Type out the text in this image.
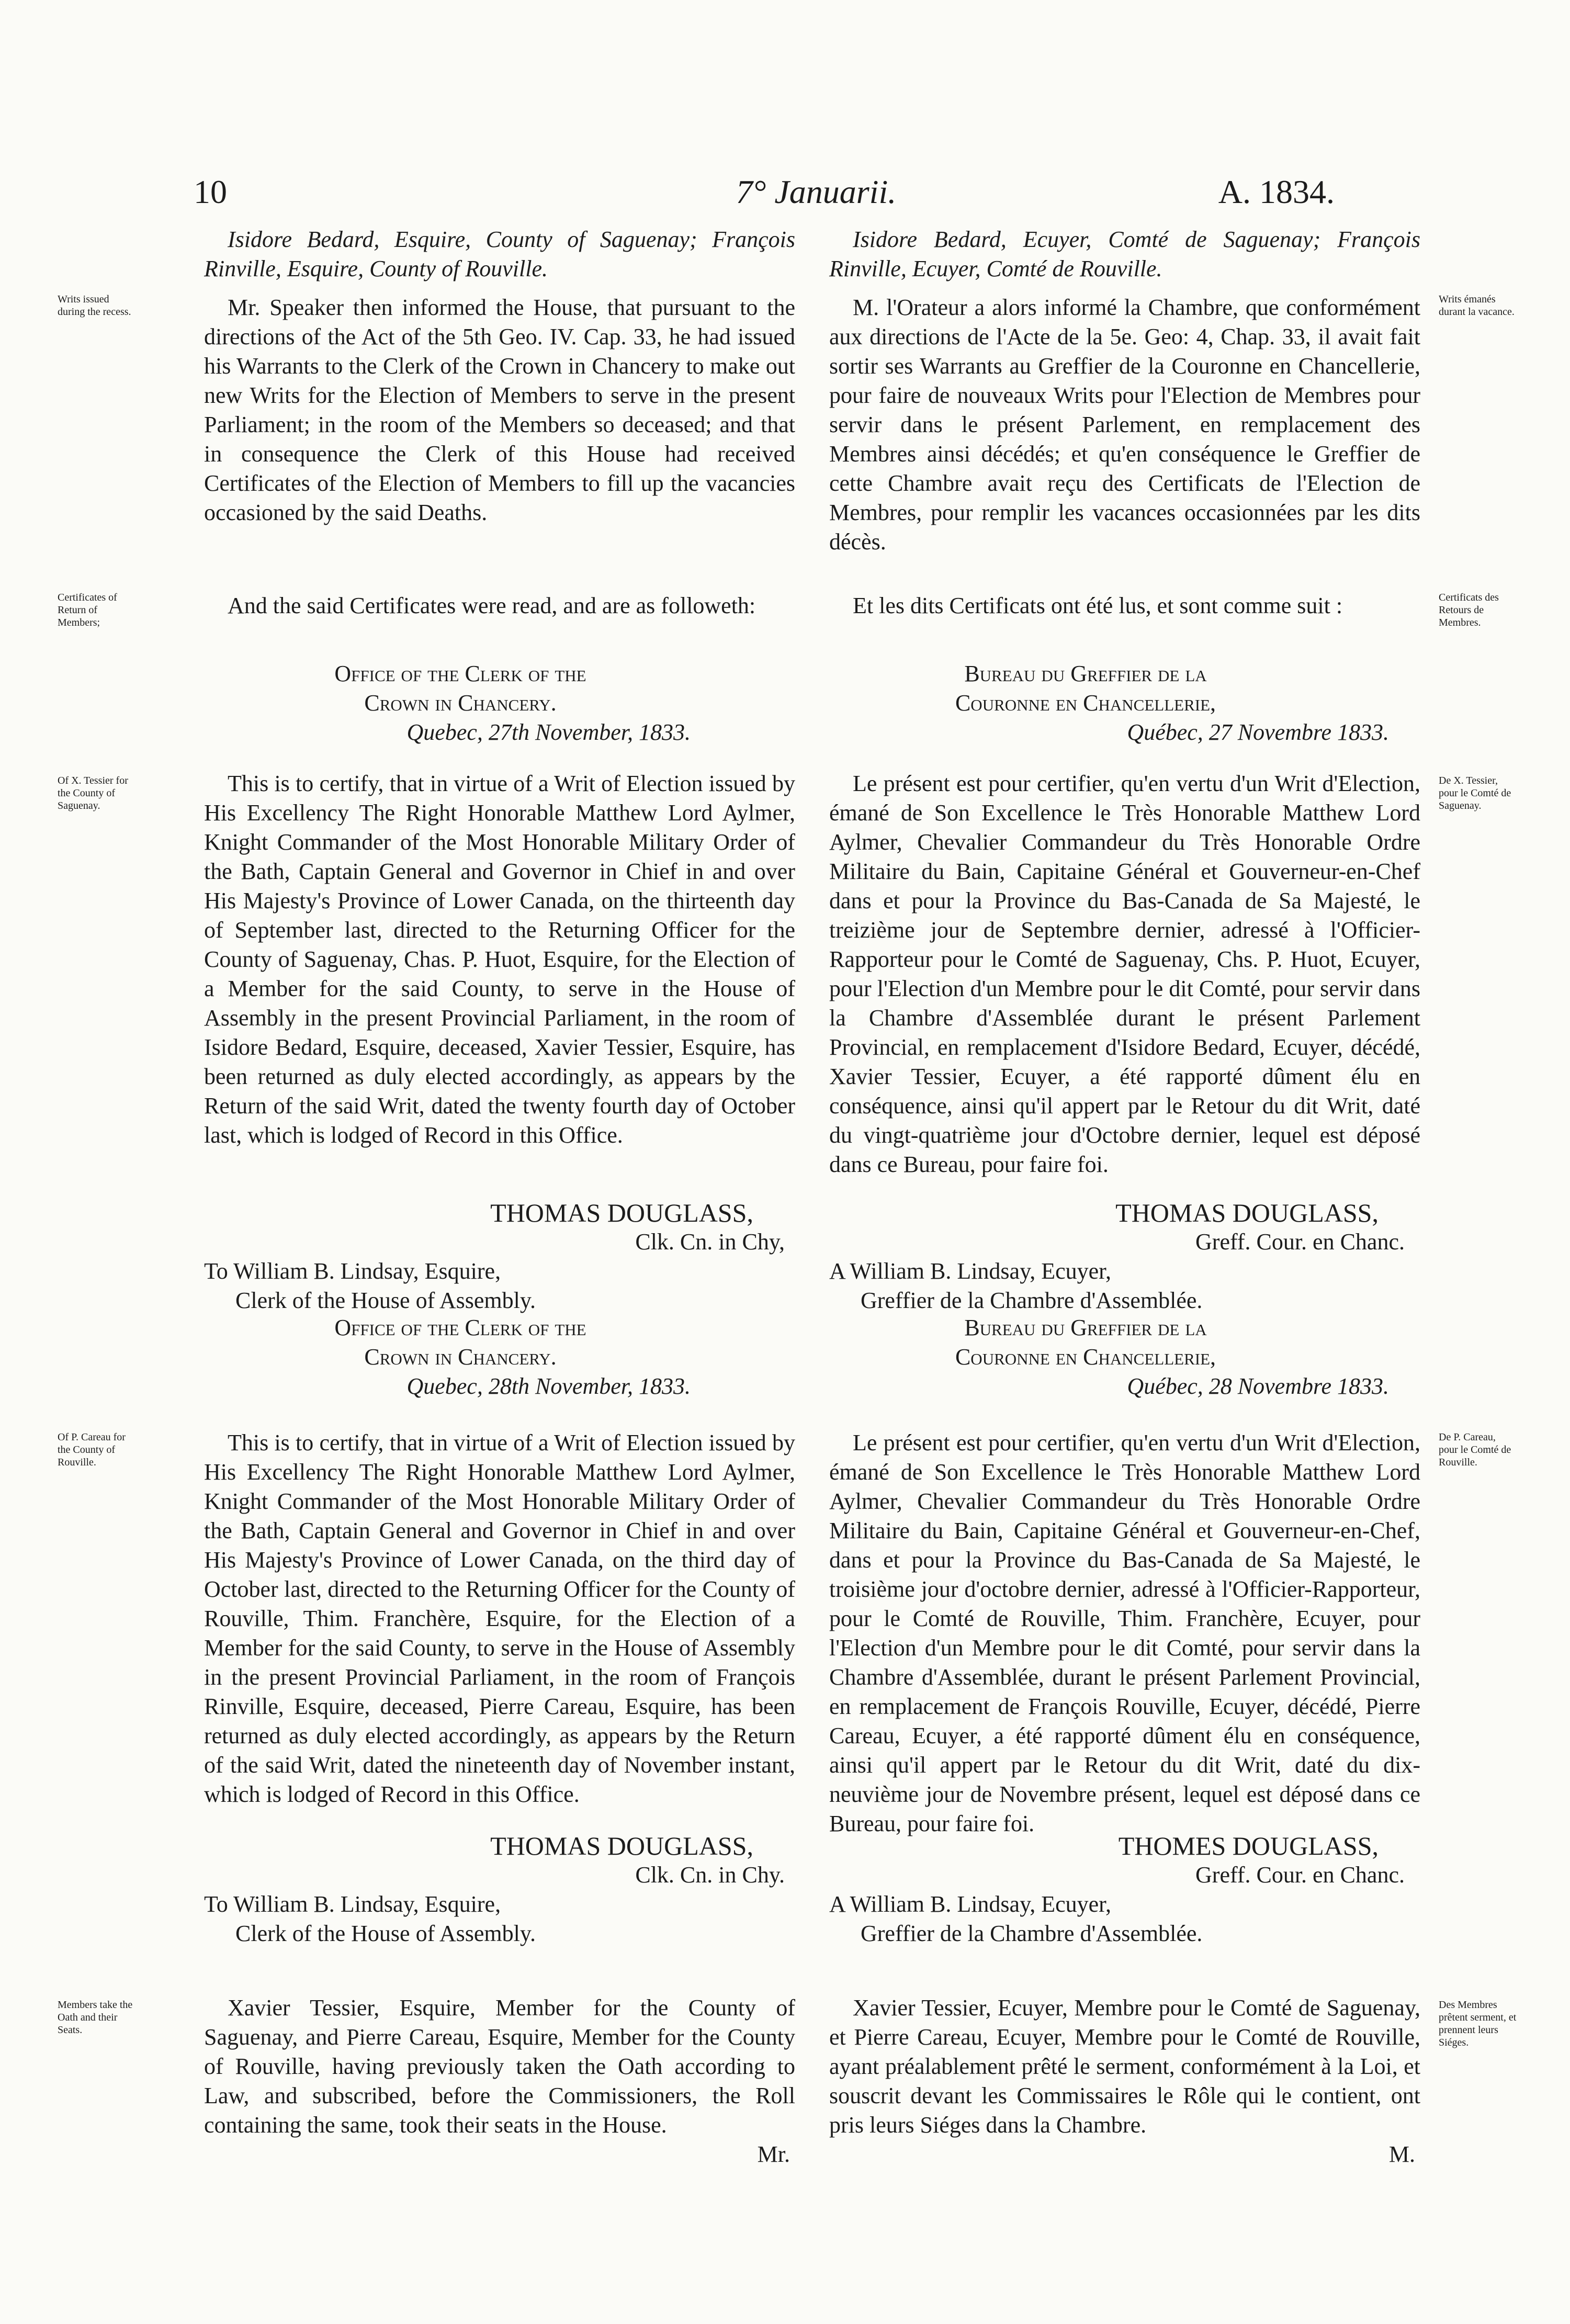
10	7° Januarii.	A. 1834.
Writs issued during the recess.
Certificates of Return of Members;
Of X. Tessier for the County of Saguenay.
Of P. Careau for the County of Rouville.
Members take the Oath and their Seats.
Writs émanés durant la vacance.
Certificats des Retours de Membres.
De X. Tessier, pour le Comté de Saguenay.
De P. Careau, pour le Comté de Rouville.
Des Membres prêtent serment, et prennent leurs Siéges.

Isidore Bedard, Esquire, County of Saguenay; François Rinville, Esquire, County of Rouville.

Mr. Speaker then informed the House, that pursuant to the directions of the Act of the 5th Geo. IV. Cap. 33, he had issued his Warrants to the Clerk of the Crown in Chancery to make out new Writs for the Election of Members to serve in the present Parliament; in the room of the Members so deceased; and that in consequence the Clerk of this House had received Certificates of the Election of Members to fill up the vacancies occasioned by the said Deaths.

And the said Certificates were read, and are as followeth:

Office of the Clerk of the

Crown in Chancery.

Quebec, 27th November, 1833.

This is to certify, that in virtue of a Writ of Election issued by His Excellency The Right Honorable Matthew Lord Aylmer, Knight Commander of the Most Honorable Military Order of the Bath, Captain General and Governor in Chief in and over His Majesty's Province of Lower Canada, on the thirteenth day of September last, directed to the Returning Officer for the County of Saguenay, Chas. P. Huot, Esquire, for the Election of a Member for the said County, to serve in the House of Assembly in the present Provincial Parliament, in the room of Isidore Bedard, Esquire, deceased, Xavier Tessier, Esquire, has been returned as duly elected accordingly, as appears by the Return of the said Writ, dated the twenty fourth day of October last, which is lodged of Record in this Office.

THOMAS DOUGLASS,

Clk. Cn. in Chy,

To William B. Lindsay, Esquire,

Clerk of the House of Assembly.

Office of the Clerk of the

Crown in Chancery.

Quebec, 28th November, 1833.

This is to certify, that in virtue of a Writ of Election issued by His Excellency The Right Honorable Matthew Lord Aylmer, Knight Commander of the Most Honorable Military Order of the Bath, Captain General and Governor in Chief in and over His Majesty's Province of Lower Canada, on the third day of October last, directed to the Returning Officer for the County of Rouville, Thim. Franchère, Esquire, for the Election of a Member for the said County, to serve in the House of Assembly in the present Provincial Parliament, in the room of François Rinville, Esquire, deceased, Pierre Careau, Esquire, has been returned as duly elected accordingly, as appears by the Return of the said Writ, dated the nineteenth day of November instant, which is lodged of Record in this Office.

THOMAS DOUGLASS,

Clk. Cn. in Chy.

To William B. Lindsay, Esquire,

Clerk of the House of Assembly.

Xavier Tessier, Esquire, Member for the County of Saguenay, and Pierre Careau, Esquire, Member for the County of Rouville, having previously taken the Oath according to Law, and subscribed, before the Commissioners, the Roll containing the same, took their seats in the House.

Mr.

Isidore Bedard, Ecuyer, Comté de Saguenay; François Rinville, Ecuyer, Comté de Rouville.

M. l'Orateur a alors informé la Chambre, que conformément aux directions de l'Acte de la 5e. Geo: 4, Chap. 33, il avait fait sortir ses Warrants au Greffier de la Couronne en Chancellerie, pour faire de nouveaux Writs pour l'Election de Membres pour servir dans le présent Parlement, en remplacement des Membres ainsi décédés; et qu'en conséquence le Greffier de cette Chambre avait reçu des Certificats de l'Election de Membres, pour remplir les vacances occasionnées par les dits décès.

Et les dits Certificats ont été lus, et sont comme suit :

Bureau du Greffier de la

Couronne en Chancellerie,

Québec, 27 Novembre 1833.

Le présent est pour certifier, qu'en vertu d'un Writ d'Election, émané de Son Excellence le Très Honorable Matthew Lord Aylmer, Chevalier Commandeur du Très Honorable Ordre Militaire du Bain, Capitaine Général et Gouverneur-en-Chef dans et pour la Province du Bas-Canada de Sa Majesté, le treizième jour de Septembre dernier, adressé à l'Officier-Rapporteur pour le Comté de Saguenay, Chs. P. Huot, Ecuyer, pour l'Election d'un Membre pour le dit Comté, pour servir dans la Chambre d'Assemblée durant le présent Parlement Provincial, en remplacement d'Isidore Bedard, Ecuyer, décédé, Xavier Tessier, Ecuyer, a été rapporté dûment élu en conséquence, ainsi qu'il appert par le Retour du dit Writ, daté du vingt-quatrième jour d'Octobre dernier, lequel est déposé dans ce Bureau, pour faire foi.

THOMAS DOUGLASS,

Greff. Cour. en Chanc.

A William B. Lindsay, Ecuyer,

Greffier de la Chambre d'Assemblée.

Bureau du Greffier de la

Couronne en Chancellerie,

Québec, 28 Novembre 1833.

Le présent est pour certifier, qu'en vertu d'un Writ d'Election, émané de Son Excellence le Très Honorable Matthew Lord Aylmer, Chevalier Commandeur du Très Honorable Ordre Militaire du Bain, Capitaine Général et Gouverneur-en-Chef, dans et pour la Province du Bas-Canada de Sa Majesté, le troisième jour d'octobre dernier, adressé à l'Officier-Rapporteur, pour le Comté de Rouville, Thim. Franchère, Ecuyer, pour l'Election d'un Membre pour le dit Comté, pour servir dans la Chambre d'Assemblée, durant le présent Parlement Provincial, en remplacement de François Rouville, Ecuyer, décédé, Pierre Careau, Ecuyer, a été rapporté dûment élu en conséquence, ainsi qu'il appert par le Retour du dit Writ, daté du dix-neuvième jour de Novembre présent, lequel est déposé dans ce Bureau, pour faire foi.

THOMES DOUGLASS,

Greff. Cour. en Chanc.

A William B. Lindsay, Ecuyer,

Greffier de la Chambre d'Assemblée.

Xavier Tessier, Ecuyer, Membre pour le Comté de Saguenay, et Pierre Careau, Ecuyer, Membre pour le Comté de Rouville, ayant préalablement prêté le serment, conformément à la Loi, et souscrit devant les Commissaires le Rôle qui le contient, ont pris leurs Siéges dans la Chambre.

M.
